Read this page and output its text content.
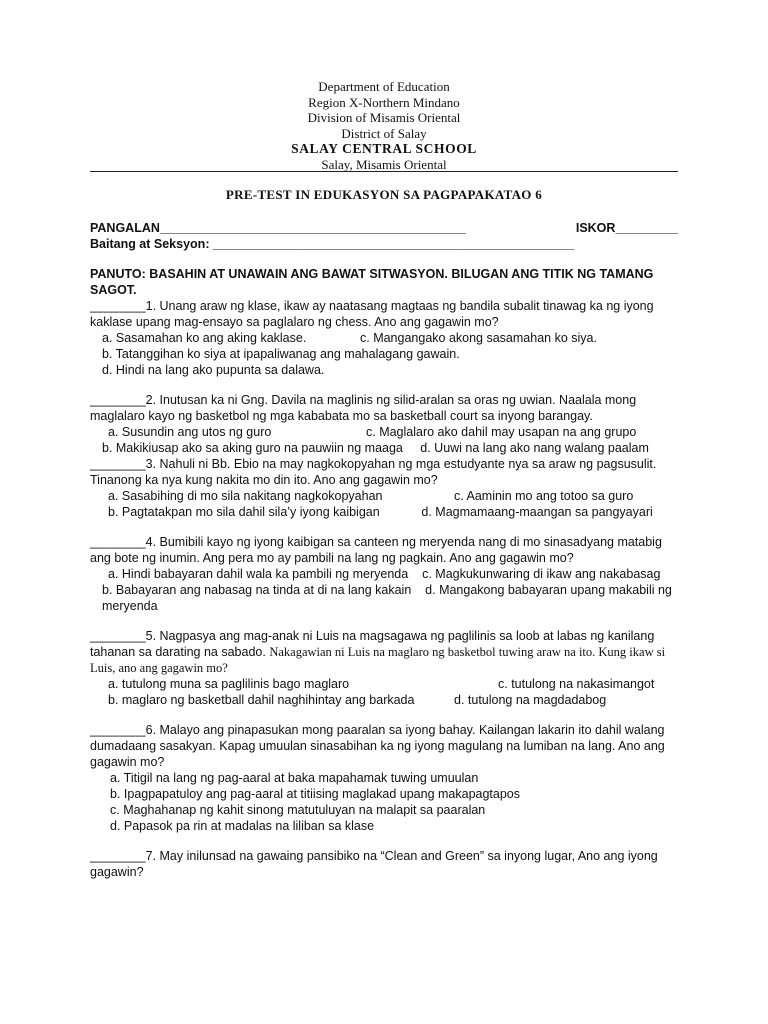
Department of Education
Region X-Northern Mindano
Division of Misamis Oriental
District of Salay
SALAY CENTRAL SCHOOL
Salay, Misamis Oriental
PRE-TEST IN EDUKASYON SA PAGPAPAKATAO 6
PANGALAN____________________________________________	ISKOR_________
Baitang at Seksyon: ____________________________________________________
PANUTO: BASAHIN AT UNAWAIN ANG BAWAT SITWASYON. BILUGAN ANG TITIK NG TAMANG SAGOT.

________1. Unang araw ng klase, ikaw ay naatasang magtaas ng bandila subalit tinawag ka ng iyong kaklase upang mag-ensayo sa paglalaro ng chess. Ano ang gagawin mo?

a. Sasamahan ko ang aking kaklase.	c. Mangangako akong sasamahan ko siya.
b. Tatanggihan ko siya at ipapaliwanag ang mahalagang gawain.
d. Hindi na lang ako pupunta sa dalawa.

________2. Inutusan ka ni Gng. Davila na maglinis ng silid-aralan sa oras ng uwian. Naalala mong maglalaro kayo ng basketbol ng mga kababata mo sa basketball court sa inyong barangay.

a. Susundin ang utos ng guro	c. Maglalaro ako dahil may usapan na ang grupo
b. Makikiusap ako sa aking guro na pauwiin ng maaga d. Uuwi na lang ako nang walang paalam

________3. Nahuli ni Bb. Ebio na may nagkokopyahan ng mga estudyante nya sa araw ng pagsusulit. Tinanong ka nya kung nakita mo din ito. Ano ang gagawin mo?

a. Sasabihing di mo sila nakitang nagkokopyahan	c. Aaminin mo ang totoo sa guro
b. Pagtatakpan mo sila dahil sila’y iyong kaibigan	d. Magmamaang-maangan sa pangyayari

________4. Bumibili kayo ng iyong kaibigan sa canteen ng meryenda nang di mo sinasadyang matabig ang bote ng inumin. Ang pera mo ay pambili na lang ng pagkain. Ano ang gagawin mo?

a. Hindi babayaran dahil wala ka pambili ng meryenda c. Magkukunwaring di ikaw ang nakabasag
b. Babayaran ang nabasag na tinda at di na lang kakain d. Mangakong babayaran upang makabili ng meryenda

________5. Nagpasya ang mag-anak ni Luis na magsagawa ng paglilinis sa loob at labas ng kanilang tahanan sa darating na sabado. Nakagawian ni Luis na maglaro ng basketbol tuwing araw na ito. Kung ikaw si Luis, ano ang gagawin mo?

a. tutulong muna sa paglilinis bago maglaro	c. tutulong na nakasimangot
b. maglaro ng basketball dahil naghihintay ang barkada	d. tutulong na magdadabog

________6. Malayo ang pinapasukan mong paaralan sa iyong bahay. Kailangan lakarin ito dahil walang dumadaang sasakyan. Kapag umuulan sinasabihan ka ng iyong magulang na lumiban na lang. Ano ang gagawin mo?

a. Titigil na lang ng pag-aaral at baka mapahamak tuwing umuulan
b. Ipagpapatuloy ang pag-aaral at titiising maglakad upang makapagtapos
c. Maghahanap ng kahit sinong matutuluyan na malapit sa paaralan
d. Papasok pa rin at madalas na liliban sa klase

________7. May inilunsad na gawaing pansibiko na “Clean and Green” sa inyong lugar, Ano ang iyong gagawin?
